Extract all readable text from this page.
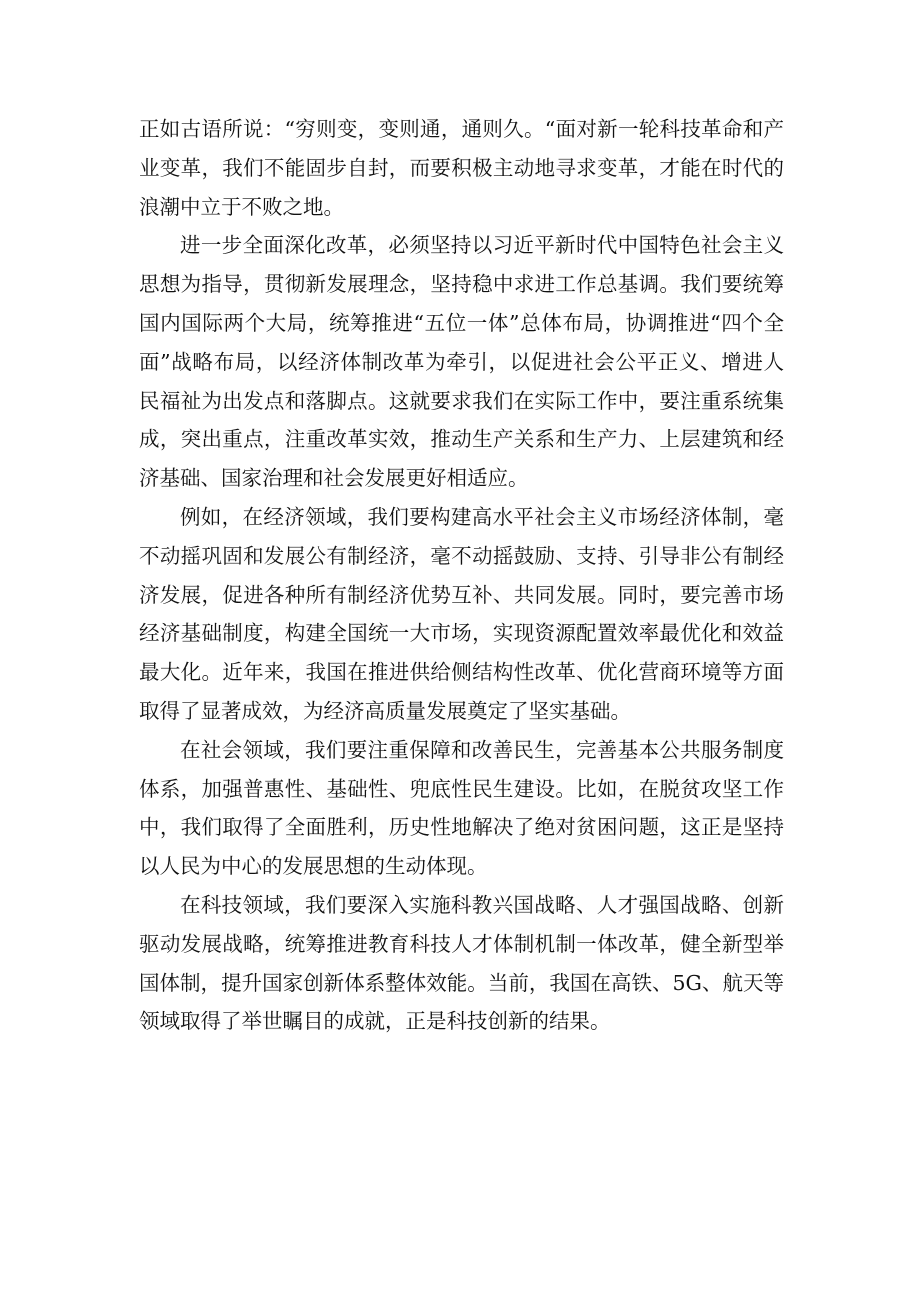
正如古语所说：“穷则变，变则通，通则久。“面对新一轮科技革命和产业变革，我们不能固步自封，而要积极主动地寻求变革，才能在时代的浪潮中立于不败之地。

进一步全面深化改革，必须坚持以习近平新时代中国特色社会主义思想为指导，贯彻新发展理念，坚持稳中求进工作总基调。我们要统筹国内国际两个大局，统筹推进“五位一体”总体布局，协调推进“四个全面”战略布局，以经济体制改革为牵引，以促进社会公平正义、增进人民福祉为出发点和落脚点。这就要求我们在实际工作中，要注重系统集成，突出重点，注重改革实效，推动生产关系和生产力、上层建筑和经济基础、国家治理和社会发展更好相适应。

例如，在经济领域，我们要构建高水平社会主义市场经济体制，毫不动摇巩固和发展公有制经济，毫不动摇鼓励、支持、引导非公有制经济发展，促进各种所有制经济优势互补、共同发展。同时，要完善市场经济基础制度，构建全国统一大市场，实现资源配置效率最优化和效益最大化。近年来，我国在推进供给侧结构性改革、优化营商环境等方面取得了显著成效，为经济高质量发展奠定了坚实基础。

在社会领域，我们要注重保障和改善民生，完善基本公共服务制度体系，加强普惠性、基础性、兜底性民生建设。比如，在脱贫攻坚工作中，我们取得了全面胜利，历史性地解决了绝对贫困问题，这正是坚持以人民为中心的发展思想的生动体现。

在科技领域，我们要深入实施科教兴国战略、人才强国战略、创新驱动发展战略，统筹推进教育科技人才体制机制一体改革，健全新型举国体制，提升国家创新体系整体效能。当前，我国在高铁、5G、航天等领域取得了举世瞩目的成就，正是科技创新的结果。
